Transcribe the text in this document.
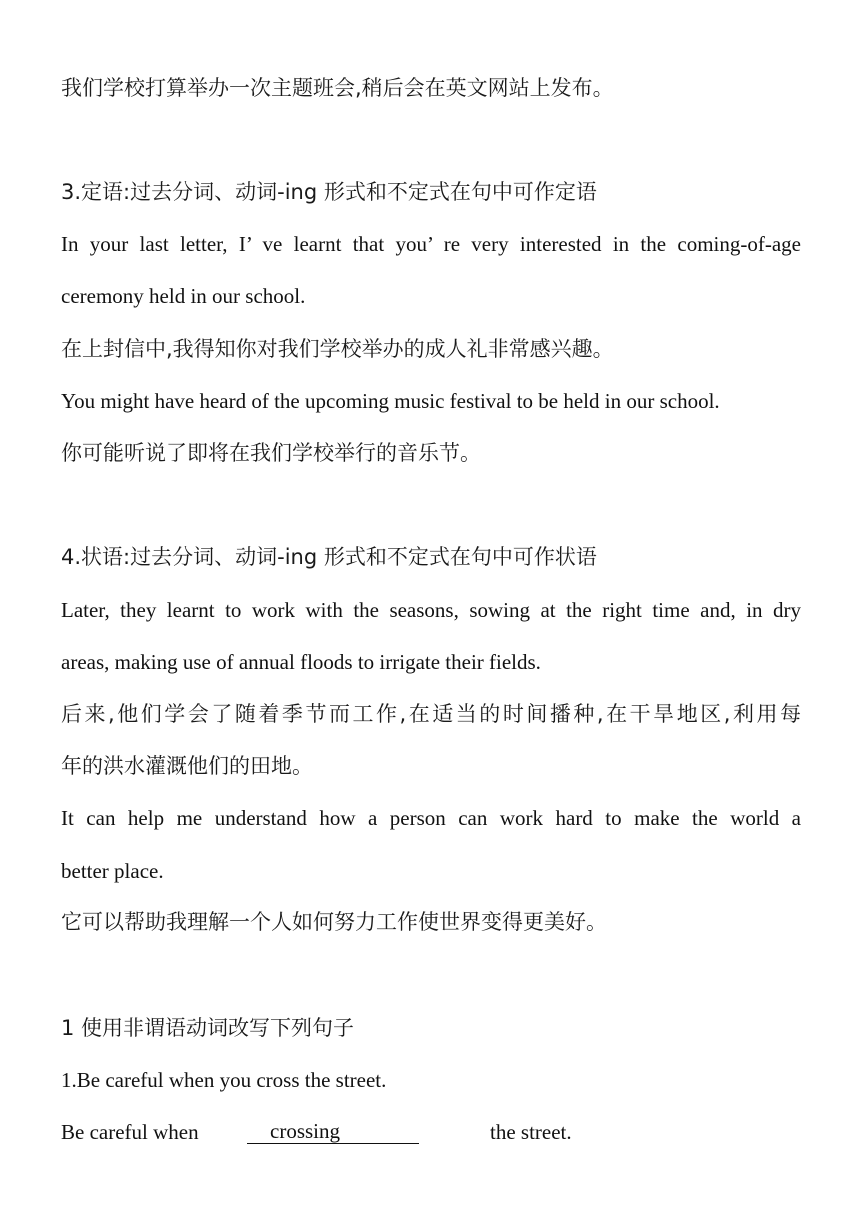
我们学校打算举办一次主题班会,稍后会在英文网站上发布。
3.定语:过去分词、动词-ing 形式和不定式在句中可作定语
In your last letter, I’ ve learnt that you’ re very interested in the coming-of-age
ceremony held in our school.
在上封信中,我得知你对我们学校举办的成人礼非常感兴趣。
You might have heard of the upcoming music festival to be held in our school.
你可能听说了即将在我们学校举行的音乐节。
4.状语:过去分词、动词-ing 形式和不定式在句中可作状语
Later, they learnt to work with the seasons, sowing at the right time and, in dry
areas, making use of annual floods to irrigate their fields.
后来,他们学会了随着季节而工作,在适当的时间播种,在干旱地区,利用每
年的洪水灌溉他们的田地。
It can help me understand how a person can work hard to make the world a
better place.
它可以帮助我理解一个人如何努力工作使世界变得更美好。
1 使用非谓语动词改写下列句子
1.Be careful when you cross the street.
Be careful when	crossing	the street.
